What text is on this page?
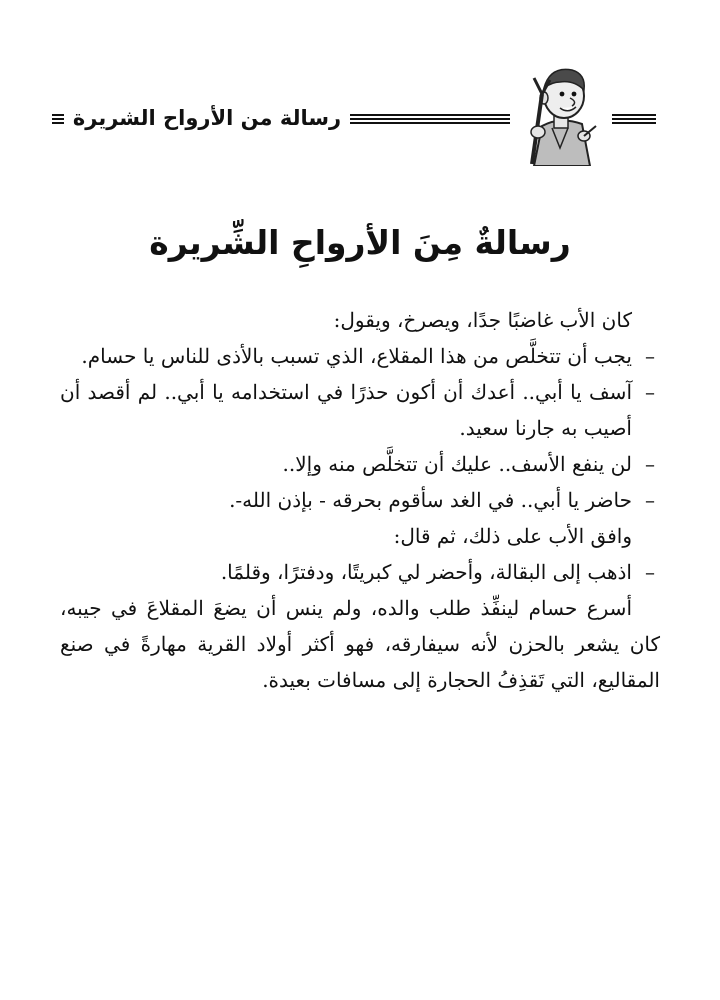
رسالة من الأرواح الشريرة
رسالةٌ مِنَ الأرواحِ الشِّريرة

كان الأب غاضبًا جدًا، ويصرخ، ويقول:

–
يجب أن تتخلَّص من هذا المقلاع، الذي تسبب بالأذى للناس يا حسام.

–
آسف يا أبي.. أعدك أن أكون حذرًا في استخدامه يا أبي.. لم أقصد أن أصيب به جارنا سعيد.

–
لن ينفع الأسف.. عليك أن تتخلَّص منه وإلا..

–
حاضر يا أبي.. في الغد سأقوم بحرقه - بإذن الله-.

وافق الأب على ذلك، ثم قال:

–
اذهب إلى البقالة، وأحضر لي كبريتًا، ودفترًا، وقلمًا.

أسرع حسام لينفِّذ طلب والده، ولم ينس أن يضعَ المقلاعَ في جيبه، كان يشعر بالحزن لأنه سيفارقه، فهو أكثر أولاد القرية مهارةً في صنع المقاليع، التي تَقذِفُ الحجارة إلى مسافات بعيدة.
